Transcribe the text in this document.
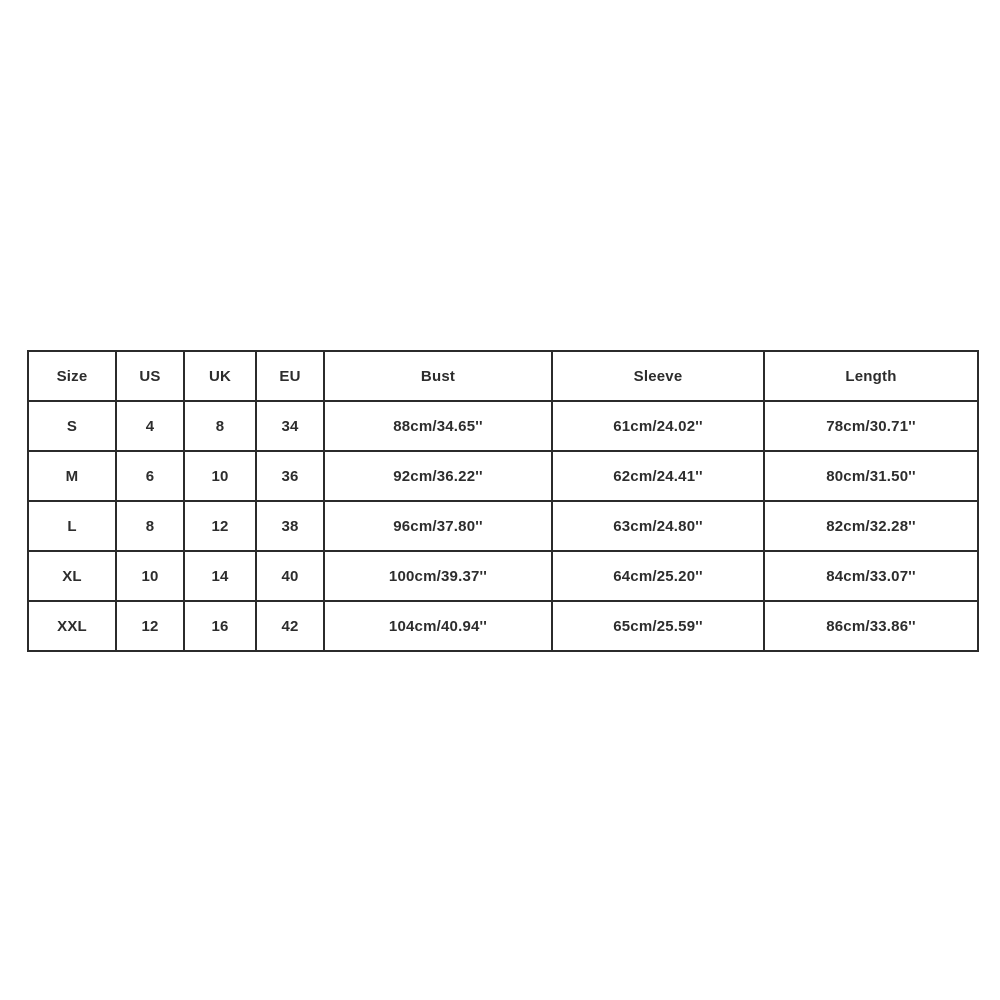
Size	US	UK	EU	Bust	Sleeve	Length
S	4	8	34	88cm/34.65''	61cm/24.02''	78cm/30.71''
M	6	10	36	92cm/36.22''	62cm/24.41''	80cm/31.50''
L	8	12	38	96cm/37.80''	63cm/24.80''	82cm/32.28''
XL	10	14	40	100cm/39.37''	64cm/25.20''	84cm/33.07''
XXL	12	16	42	104cm/40.94''	65cm/25.59''	86cm/33.86''
